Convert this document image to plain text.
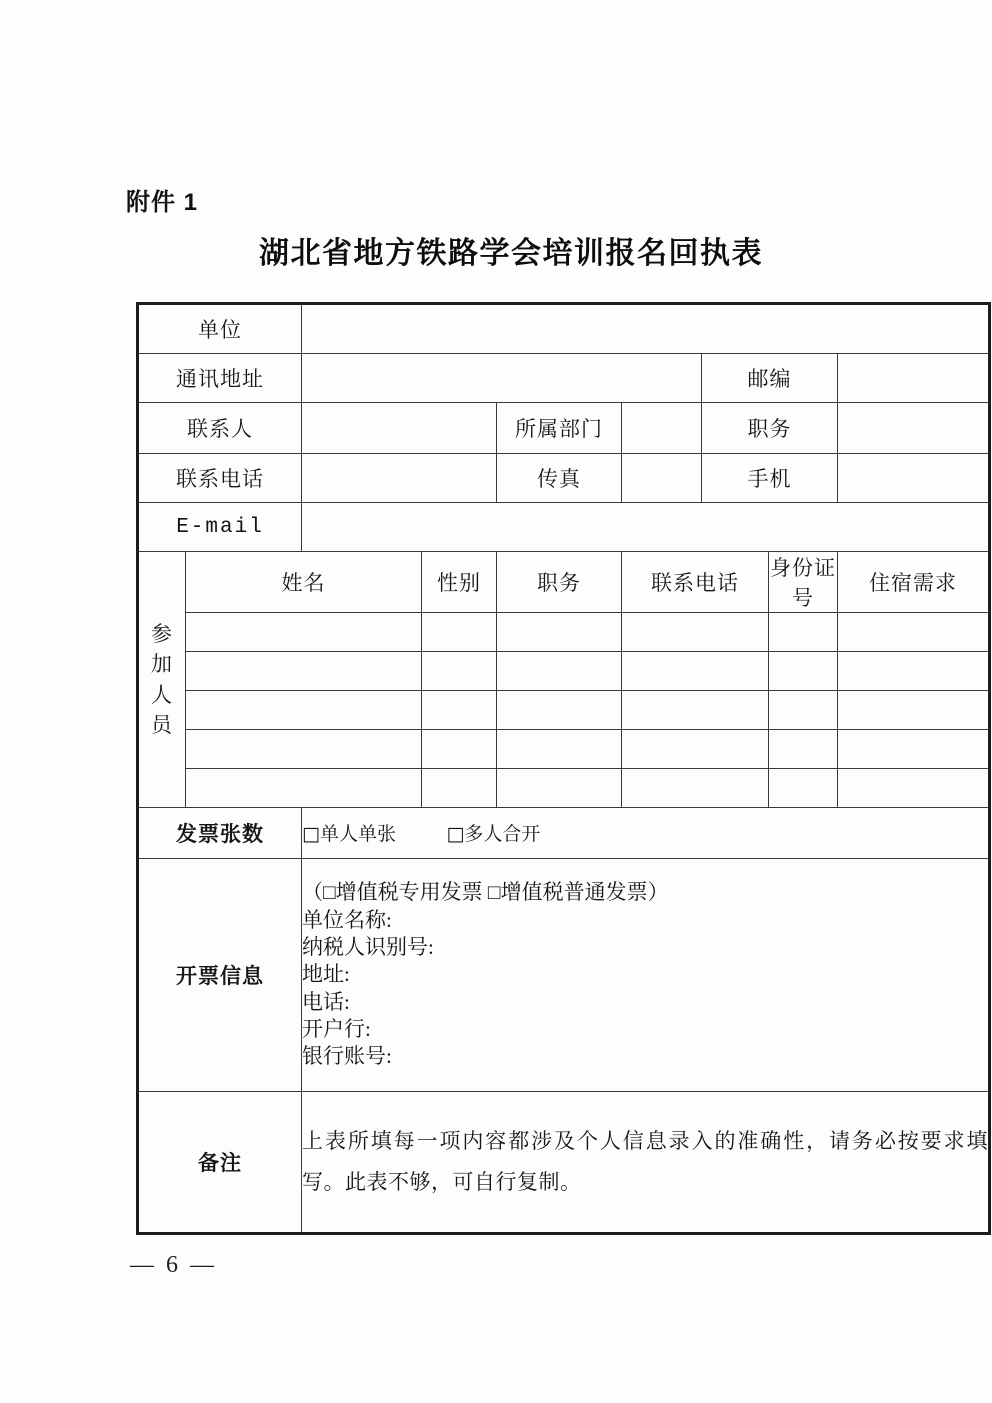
附件 1
湖北省地方铁路学会培训报名回执表
单位								
通讯地址						邮编		
联系人				所属部门		职务		
联系电话				传真		手机		
E-mail								

参
加
人
员	姓名		性别	职务	联系电话		身份证号	住宿需求

发票张数		□单人单张 □多人合开						
开票信息	
（□增值税专用发票 □增值税普通发票）
单位名称:
纳税人识别号:
地址:
电话:
开户行:
银行账号:

备注		上表所填每一项内容都涉及个人信息录入的准确性，请务必按要求填写。此表不够，可自行复制。						
— 6 —
